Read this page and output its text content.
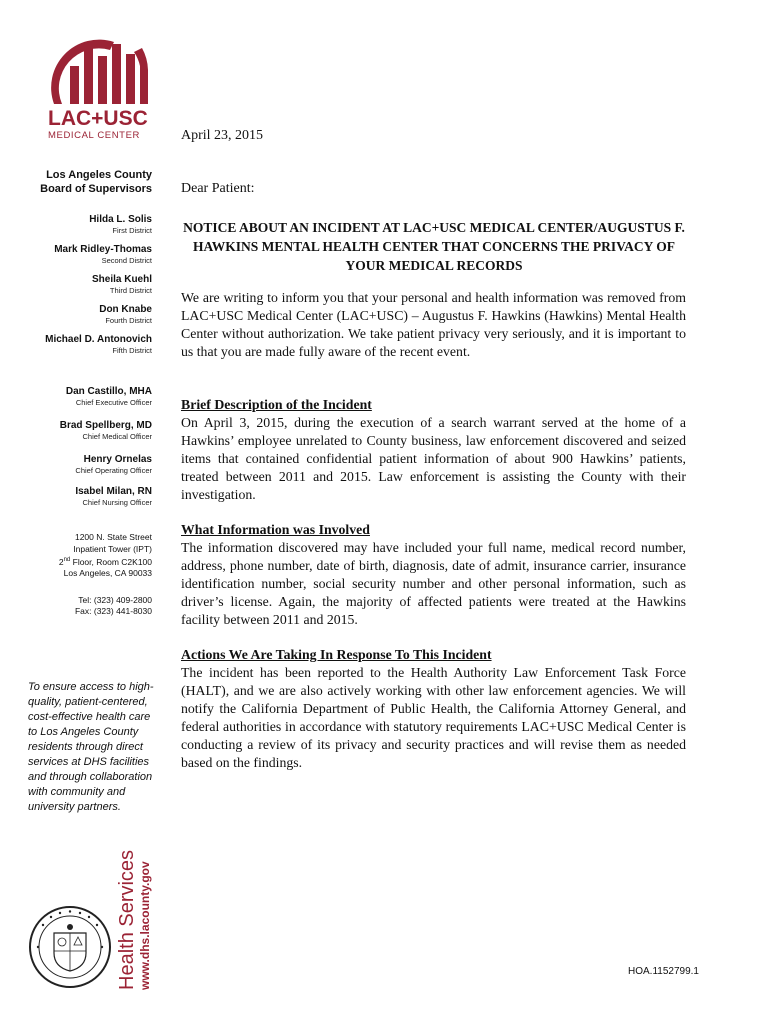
LAC+USC
MEDICAL CENTER
Los Angeles County
Board of Supervisors
Hilda L. Solis
First District
Mark Ridley-Thomas
Second District
Sheila Kuehl
Third District
Don Knabe
Fourth District
Michael D. Antonovich
Fifth District
Dan Castillo, MHA
Chief Executive Officer
Brad Spellberg, MD
Chief Medical Officer
Henry Ornelas
Chief Operating Officer
Isabel Milan, RN
Chief Nursing Officer
1200 N. State Street
Inpatient Tower (IPT)
2nd Floor, Room C2K100
Los Angeles, CA 90033
Tel: (323) 409-2800
Fax: (323) 441-8030
To ensure access to high-quality, patient-centered, cost-effective health care to Los Angeles County residents through direct services at DHS facilities and through collaboration with community and university partners.
Health Services www.dhs.lacounty.gov
April 23, 2015
Dear Patient:
NOTICE ABOUT AN INCIDENT AT LAC+USC MEDICAL CENTER/AUGUSTUS F. HAWKINS MENTAL HEALTH CENTER THAT CONCERNS THE PRIVACY OF YOUR MEDICAL RECORDS

We are writing to inform you that your personal and health information was removed from LAC+USC Medical Center (LAC+USC) – Augustus F. Hawkins (Hawkins) Mental Health Center without authorization. We take patient privacy very seriously, and it is important to us that you are made fully aware of the recent event.

Brief Description of the Incident
On April 3, 2015, during the execution of a search warrant served at the home of a Hawkins’ employee unrelated to County business, law enforcement discovered and seized items that contained confidential patient information of about 900 Hawkins’ patients, treated between 2011 and 2015. Law enforcement is assisting the County with their investigation.
What Information was Involved
The information discovered may have included your full name, medical record number, address, phone number, date of birth, diagnosis, date of admit, insurance carrier, insurance identification number, social security number and other personal information, such as driver’s license. Again, the majority of affected patients were treated at the Hawkins facility between 2011 and 2015.
Actions We Are Taking In Response To This Incident
The incident has been reported to the Health Authority Law Enforcement Task Force (HALT), and we are also actively working with other law enforcement agencies. We will notify the California Department of Public Health, the California Attorney General, and federal authorities in accordance with statutory requirements LAC+USC Medical Center is conducting a review of its privacy and security practices and will revise them as needed based on the findings.
HOA.1152799.1
